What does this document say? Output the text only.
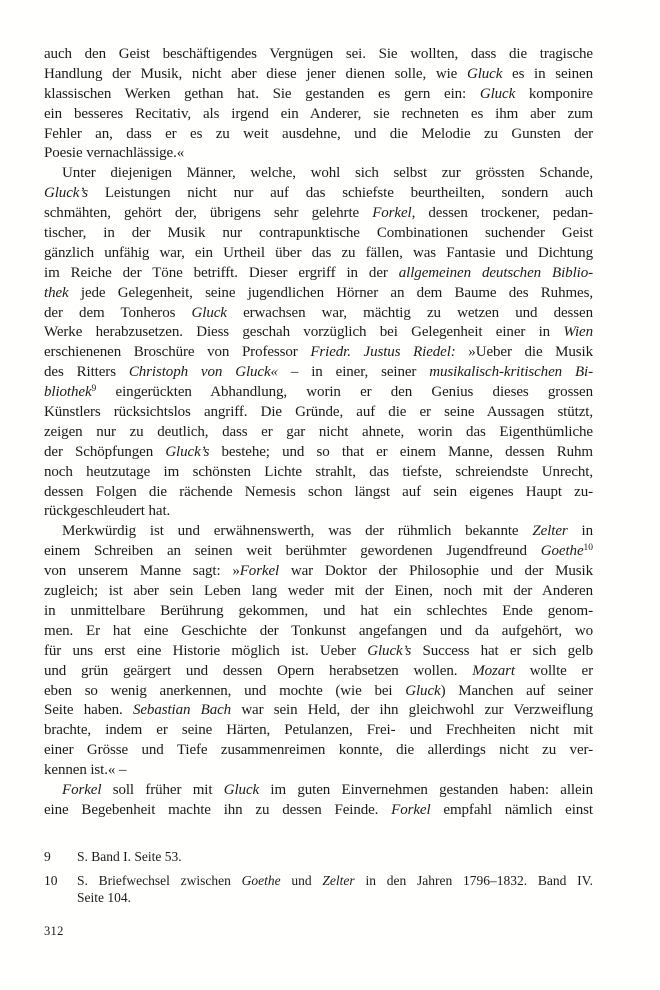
auch den Geist beschäftigendes Vergnügen sei. Sie wollten, dass die tragische
Handlung der Musik, nicht aber diese jener dienen solle, wie Gluck es in seinen
klassischen Werken gethan hat. Sie gestanden es gern ein: Gluck komponire
ein besseres Recitativ, als irgend ein Anderer, sie rechneten es ihm aber zum
Fehler an, dass er es zu weit ausdehne, und die Melodie zu Gunsten der
Poesie vernachlässige.«
Unter diejenigen Männer, welche, wohl sich selbst zur grössten Schande,
Gluck’s Leistungen nicht nur auf das schiefste beurtheilten, sondern auch
schmähten, gehört der, übrigens sehr gelehrte Forkel, dessen trockener, pedan-
tischer, in der Musik nur contrapunktische Combinationen suchender Geist
gänzlich unfähig war, ein Urtheil über das zu fällen, was Fantasie und Dichtung
im Reiche der Töne betrifft. Dieser ergriff in der allgemeinen deutschen Biblio-
thek jede Gelegenheit, seine jugendlichen Hörner an dem Baume des Ruhmes,
der dem Tonheros Gluck erwachsen war, mächtig zu wetzen und dessen
Werke herabzusetzen. Diess geschah vorzüglich bei Gelegenheit einer in Wien
erschienenen Broschüre von Professor Friedr. Justus Riedel: »Ueber die Musik
des Ritters Christoph von Gluck« – in einer, seiner musikalisch-kritischen Bi-
bliothek$^9$ eingerückten Abhandlung, worin er den Genius dieses grossen
Künstlers rücksichtslos angriff. Die Gründe, auf die er seine Aussagen stützt,
zeigen nur zu deutlich, dass er gar nicht ahnete, worin das Eigenthümliche
der Schöpfungen Gluck’s bestehe; und so that er einem Manne, dessen Ruhm
noch heutzutage im schönsten Lichte strahlt, das tiefste, schreiendste Unrecht,
dessen Folgen die rächende Nemesis schon längst auf sein eigenes Haupt zu-
rückgeschleudert hat.
Merkwürdig ist und erwähnenswerth, was der rühmlich bekannte Zelter in
einem Schreiben an seinen weit berühmter gewordenen Jugendfreund Goethe$^{10}$
von unserem Manne sagt: »Forkel war Doktor der Philosophie und der Musik
zugleich; ist aber sein Leben lang weder mit der Einen, noch mit der Anderen
in unmittelbare Berührung gekommen, und hat ein schlechtes Ende genom-
men. Er hat eine Geschichte der Tonkunst angefangen und da aufgehört, wo
für uns erst eine Historie möglich ist. Ueber Gluck’s Success hat er sich gelb
und grün geärgert und dessen Opern herabsetzen wollen. Mozart wollte er
eben so wenig anerkennen, und mochte (wie bei Gluck) Manchen auf seiner
Seite haben. Sebastian Bach war sein Held, der ihn gleichwohl zur Verzweiflung
brachte, indem er seine Härten, Petulanzen, Frei- und Frechheiten nicht mit
einer Grösse und Tiefe zusammenreimen konnte, die allerdings nicht zu ver-
kennen ist.« –
Forkel soll früher mit Gluck im guten Einvernehmen gestanden haben: allein
eine Begebenheit machte ihn zu dessen Feinde. Forkel empfahl nämlich einst
9 S. Band I. Seite 53.
10 S. Briefwechsel zwischen Goethe und Zelter in den Jahren 1796–1832. Band IV.
Seite 104.
312
